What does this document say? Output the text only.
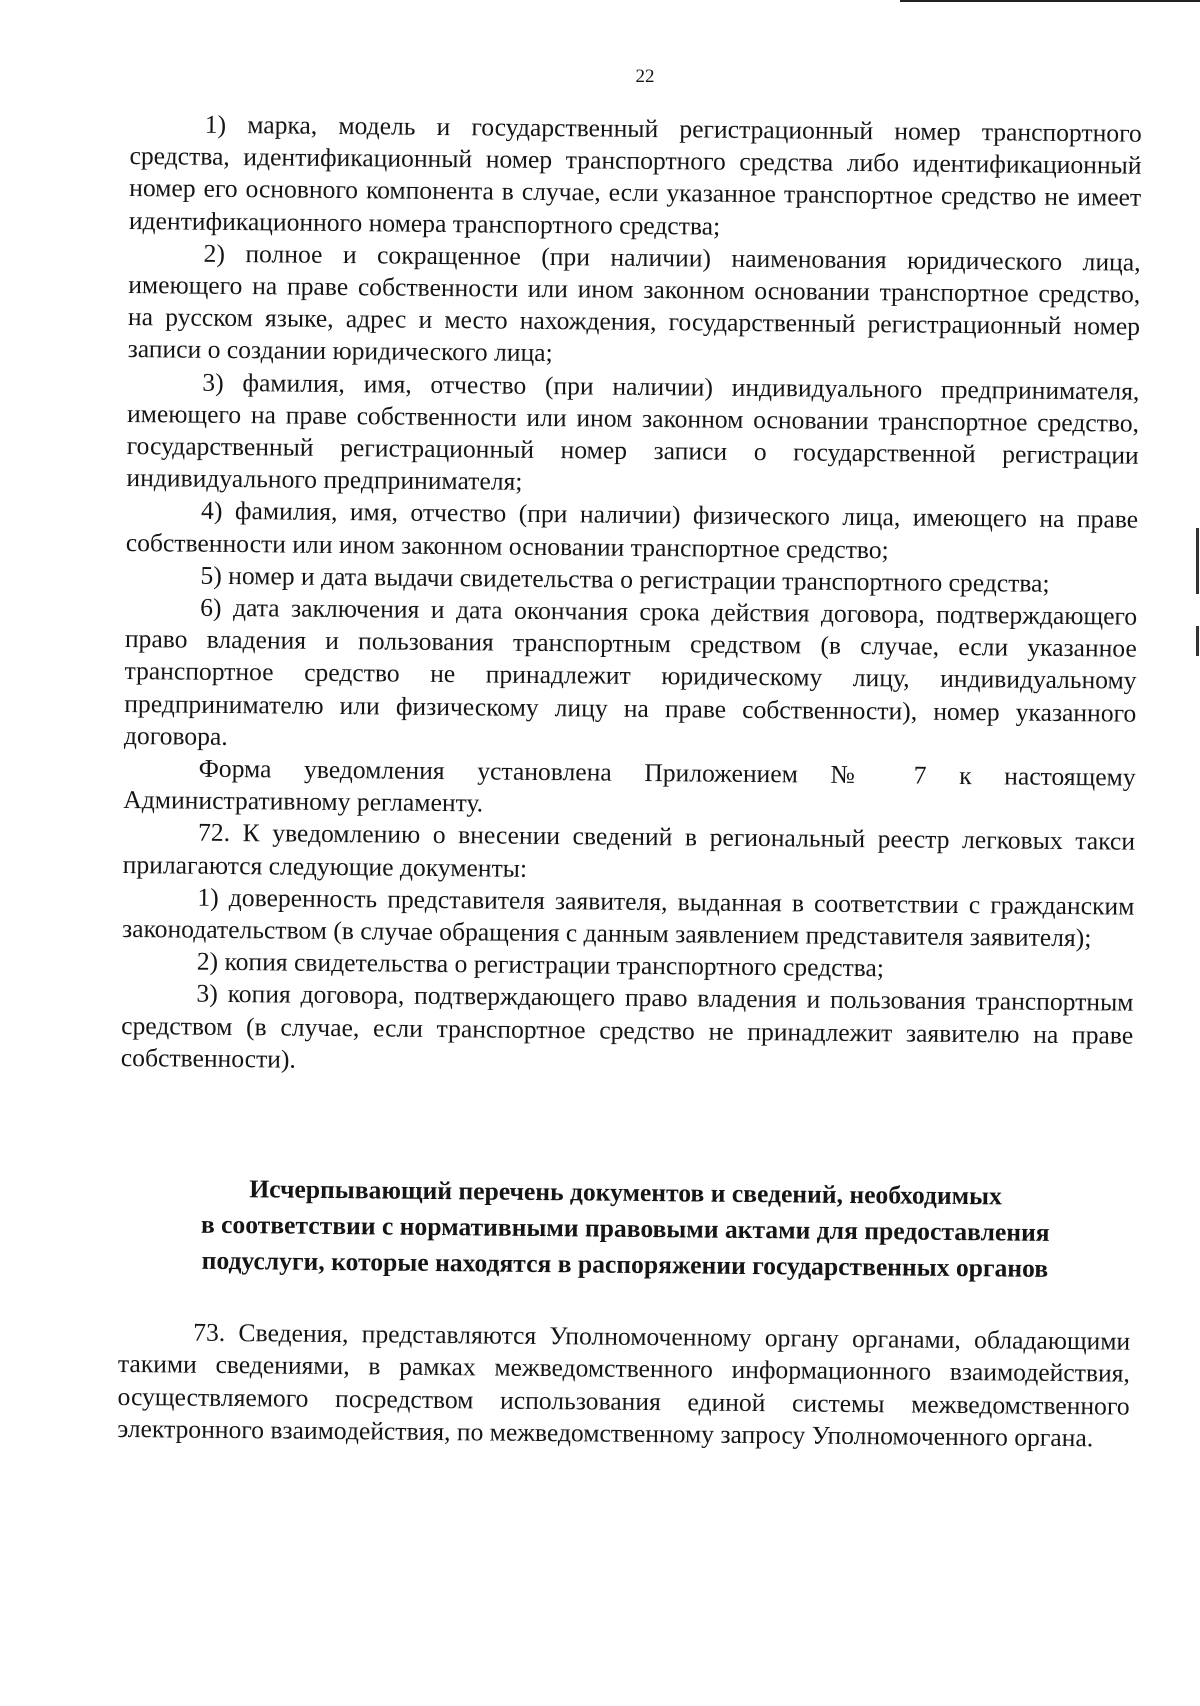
22

1) марка, модель и государственный регистрационный номер транспортного средства, идентификационный номер транспортного средства либо идентификационный номер его основного компонента в случае, если указанное транспортное средство не имеет идентификационного номера транспортного средства;

2) полное и сокращенное (при наличии) наименования юридического лица, имеющего на праве собственности или ином законном основании транспортное средство, на русском языке, адрес и место нахождения, государственный регистрационный номер записи о создании юридического лица;

3) фамилия, имя, отчество (при наличии) индивидуального предпринимателя, имеющего на праве собственности или ином законном основании транспортное средство, государственный регистрационный номер записи о государственной регистрации индивидуального предпринимателя;

4) фамилия, имя, отчество (при наличии) физического лица, имеющего на праве собственности или ином законном основании транспортное средство;

5) номер и дата выдачи свидетельства о регистрации транспортного средства;

6) дата заключения и дата окончания срока действия договора, подтверждающего право владения и пользования транспортным средством (в случае, если указанное транспортное средство не принадлежит юридическому лицу, индивидуальному предпринимателю или физическому лицу на праве собственности), номер указанного договора.

Форма уведомления установлена Приложением № 7 к настоящему Административному регламенту.

72. К уведомлению о внесении сведений в региональный реестр легковых такси прилагаются следующие документы:

1) доверенность представителя заявителя, выданная в соответствии с гражданским законодательством (в случае обращения с данным заявлением представителя заявителя);

2) копия свидетельства о регистрации транспортного средства;

3) копия договора, подтверждающего право владения и пользования транспортным средством (в случае, если транспортное средство не принадлежит заявителю на праве собственности).

Исчерпывающий перечень документов и сведений, необходимых
в соответствии с нормативными правовыми актами для предоставления
подуслуги, которые находятся в распоряжении государственных органов

73. Сведения, представляются Уполномоченному органу органами, обладающими такими сведениями, в рамках межведомственного информационного взаимодействия, осуществляемого посредством использования единой системы межведомственного электронного взаимодействия, по межведомственному запросу Уполномоченного органа.
